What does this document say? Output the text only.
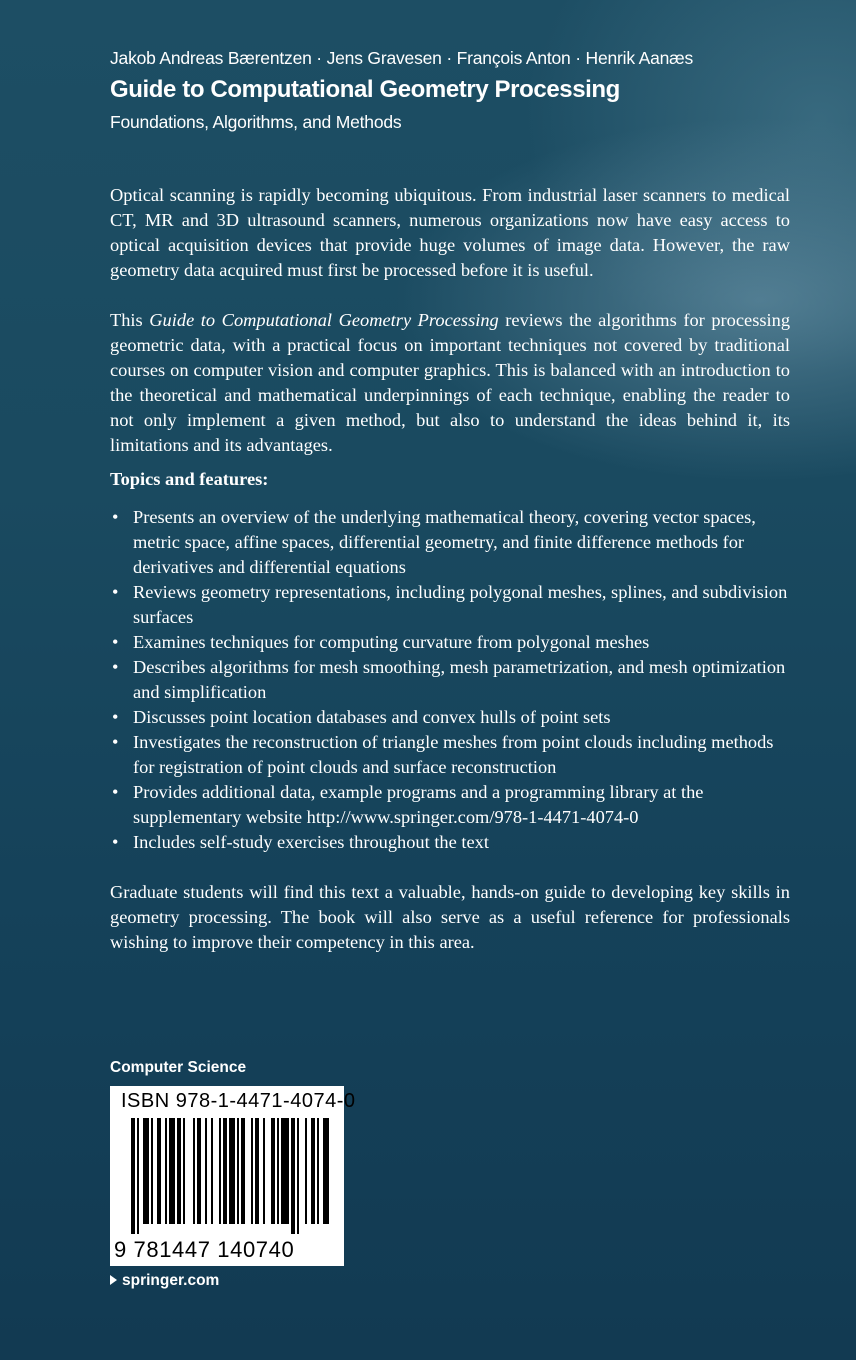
Jakob Andreas Bærentzen · Jens Gravesen · François Anton · Henrik Aanæs
Guide to Computational Geometry Processing
Foundations, Algorithms, and Methods

Optical scanning is rapidly becoming ubiquitous. From industrial laser scanners to medical CT, MR and 3D ultrasound scanners, numerous organizations now have easy access to optical acquisition devices that provide huge volumes of image data. However, the raw geometry data acquired must first be processed before it is useful.

This Guide to Computational Geometry Processing reviews the algorithms for processing geometric data, with a practical focus on important techniques not covered by traditional courses on computer vision and computer graphics. This is balanced with an introduction to the theoretical and mathematical underpinnings of each technique, enabling the reader to not only implement a given method, but also to understand the ideas behind it, its limitations and its advantages.

Topics and features:
• Presents an overview of the underlying mathematical theory, covering vector spaces, metric space, affine spaces, differential geometry, and finite difference methods for derivatives and differential equations
• Reviews geometry representations, including polygonal meshes, splines, and subdivision surfaces
• Examines techniques for computing curvature from polygonal meshes
• Describes algorithms for mesh smoothing, mesh parametrization, and mesh optimization and simplification
• Discusses point location databases and convex hulls of point sets
• Investigates the reconstruction of triangle meshes from point clouds including methods for registration of point clouds and surface reconstruction
• Provides additional data, example programs and a programming library at the supplementary website http://www.springer.com/978-1-4471-4074-0
• Includes self-study exercises throughout the text

Graduate students will find this text a valuable, hands-on guide to developing key skills in geometry processing. The book will also serve as a useful reference for professionals wishing to improve their competency in this area.

Computer Science
ISBN 978-1-4471-4074-0
9 781447 140740
springer.com
